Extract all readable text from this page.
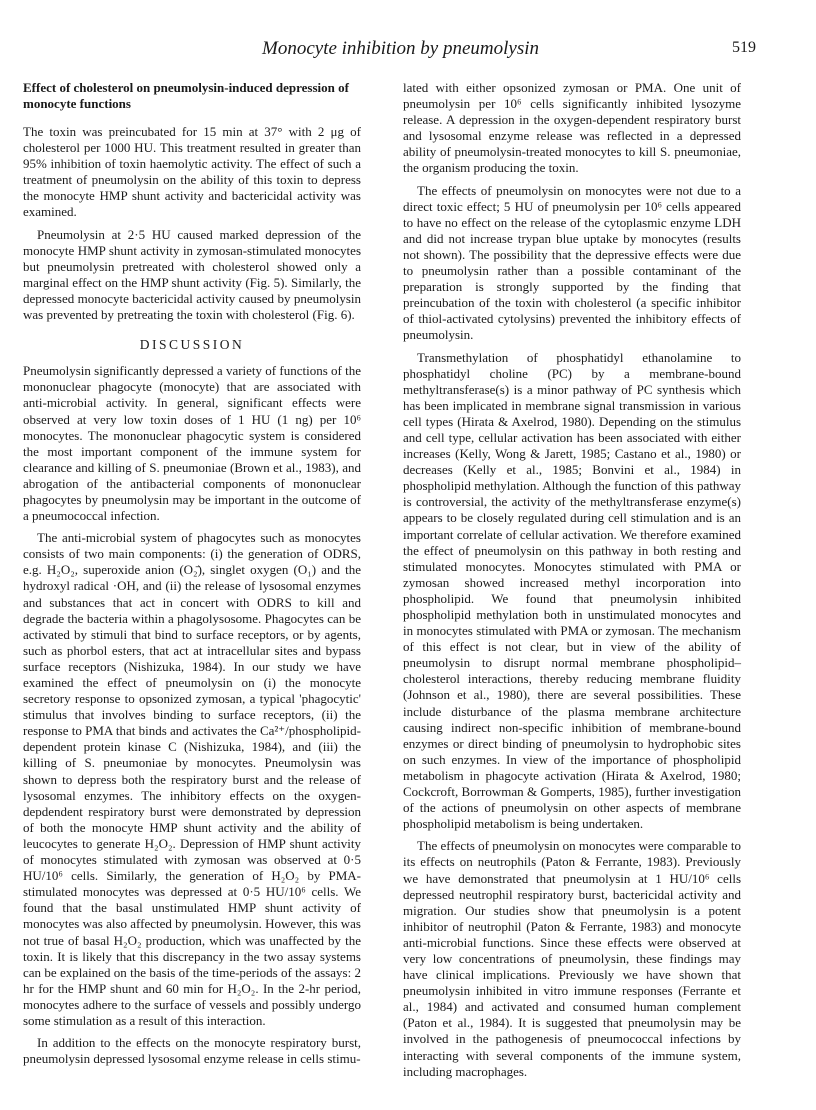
Monocyte inhibition by pneumolysin	519
Effect of cholesterol on pneumolysin-induced depression of monocyte functions

The toxin was preincubated for 15 min at 37° with 2 μg of cholesterol per 1000 HU. This treatment resulted in greater than 95% inhibition of toxin haemolytic activity. The effect of such a treatment of pneumolysin on the ability of this toxin to depress the monocyte HMP shunt activity and bactericidal activity was examined.

Pneumolysin at 2·5 HU caused marked depression of the monocyte HMP shunt activity in zymosan-stimulated monocytes but pneumolysin pretreated with cholesterol showed only a marginal effect on the HMP shunt activity (Fig. 5). Similarly, the depressed monocyte bactericidal activity caused by pneumolysin was prevented by pretreating the toxin with cholesterol (Fig. 6).

DISCUSSION

Pneumolysin significantly depressed a variety of functions of the mononuclear phagocyte (monocyte) that are associated with anti-microbial activity. In general, significant effects were observed at very low toxin doses of 1 HU (1 ng) per 10⁶ monocytes. The mononuclear phagocytic system is considered the most important component of the immune system for clearance and killing of S. pneumoniae (Brown et al., 1983), and abrogation of the antibacterial components of mononuclear phagocytes by pneumolysin may be important in the outcome of a pneumococcal infection.

The anti-microbial system of phagocytes such as monocytes consists of two main components: (i) the generation of ODRS, e.g. H₂O₂, superoxide anion (O₂̄), singlet oxygen (O₁) and the hydroxyl radical ·OH, and (ii) the release of lysosomal enzymes and substances that act in concert with ODRS to kill and degrade the bacteria within a phagolysosome. Phagocytes can be activated by stimuli that bind to surface receptors, or by agents, such as phorbol esters, that act at intracellular sites and bypass surface receptors (Nishizuka, 1984). In our study we have examined the effect of pneumolysin on (i) the monocyte secretory response to opsonized zymosan, a typical 'phagocytic' stimulus that involves binding to surface receptors, (ii) the response to PMA that binds and activates the Ca²⁺/phospholipid-dependent protein kinase C (Nishizuka, 1984), and (iii) the killing of S. pneumoniae by monocytes. Pneumolysin was shown to depress both the respiratory burst and the release of lysosomal enzymes. The inhibitory effects on the oxygen-depdendent respiratory burst were demonstrated by depression of both the monocyte HMP shunt activity and the ability of leucocytes to generate H₂O₂. Depression of HMP shunt activity of monocytes stimulated with zymosan was observed at 0·5 HU/10⁶ cells. Similarly, the generation of H₂O₂ by PMA-stimulated monocytes was depressed at 0·5 HU/10⁶ cells. We found that the basal unstimulated HMP shunt activity of monocytes was also affected by pneumolysin. However, this was not true of basal H₂O₂ production, which was unaffected by the toxin. It is likely that this discrepancy in the two assay systems can be explained on the basis of the time-periods of the assays: 2 hr for the HMP shunt and 60 min for H₂O₂. In the 2-hr period, monocytes adhere to the surface of vessels and possibly undergo some stimulation as a result of this interaction.

In addition to the effects on the monocyte respiratory burst, pneumolysin depressed lysosomal enzyme release in cells stimu-

lated with either opsonized zymosan or PMA. One unit of pneumolysin per 10⁶ cells significantly inhibited lysozyme release. A depression in the oxygen-dependent respiratory burst and lysosomal enzyme release was reflected in a depressed ability of pneumolysin-treated monocytes to kill S. pneumoniae, the organism producing the toxin.

The effects of pneumolysin on monocytes were not due to a direct toxic effect; 5 HU of pneumolysin per 10⁶ cells appeared to have no effect on the release of the cytoplasmic enzyme LDH and did not increase trypan blue uptake by monocytes (results not shown). The possibility that the depressive effects were due to pneumolysin rather than a possible contaminant of the preparation is strongly supported by the finding that preincubation of the toxin with cholesterol (a specific inhibitor of thiol-activated cytolysins) prevented the inhibitory effects of pneumolysin.

Transmethylation of phosphatidyl ethanolamine to phosphatidyl choline (PC) by a membrane-bound methyltransferase(s) is a minor pathway of PC synthesis which has been implicated in membrane signal transmission in various cell types (Hirata & Axelrod, 1980). Depending on the stimulus and cell type, cellular activation has been associated with either increases (Kelly, Wong & Jarett, 1985; Castano et al., 1980) or decreases (Kelly et al., 1985; Bonvini et al., 1984) in phospholipid methylation. Although the function of this pathway is controversial, the activity of the methyltransferase enzyme(s) appears to be closely regulated during cell stimulation and is an important correlate of cellular activation. We therefore examined the effect of pneumolysin on this pathway in both resting and stimulated monocytes. Monocytes stimulated with PMA or zymosan showed increased methyl incorporation into phospholipid. We found that pneumolysin inhibited phospholipid methylation both in unstimulated monocytes and in monocytes stimulated with PMA or zymosan. The mechanism of this effect is not clear, but in view of the ability of pneumolysin to disrupt normal membrane phospholipid–cholesterol interactions, thereby reducing membrane fluidity (Johnson et al., 1980), there are several possibilities. These include disturbance of the plasma membrane architecture causing indirect non-specific inhibition of membrane-bound enzymes or direct binding of pneumolysin to hydrophobic sites on such enzymes. In view of the importance of phospholipid metabolism in phagocyte activation (Hirata & Axelrod, 1980; Cockcroft, Borrowman & Gomperts, 1985), further investigation of the actions of pneumolysin on other aspects of membrane phospholipid metabolism is being undertaken.

The effects of pneumolysin on monocytes were comparable to its effects on neutrophils (Paton & Ferrante, 1983). Previously we have demonstrated that pneumolysin at 1 HU/10⁶ cells depressed neutrophil respiratory burst, bactericidal activity and migration. Our studies show that pneumolysin is a potent inhibitor of neutrophil (Paton & Ferrante, 1983) and monocyte anti-microbial functions. Since these effects were observed at very low concentrations of pneumolysin, these findings may have clinical implications. Previously we have shown that pneumolysin inhibited in vitro immune responses (Ferrante et al., 1984) and activated and consumed human complement (Paton et al., 1984). It is suggested that pneumolysin may be involved in the pathogenesis of pneumococcal infections by interacting with several components of the immune system, including macrophages.
